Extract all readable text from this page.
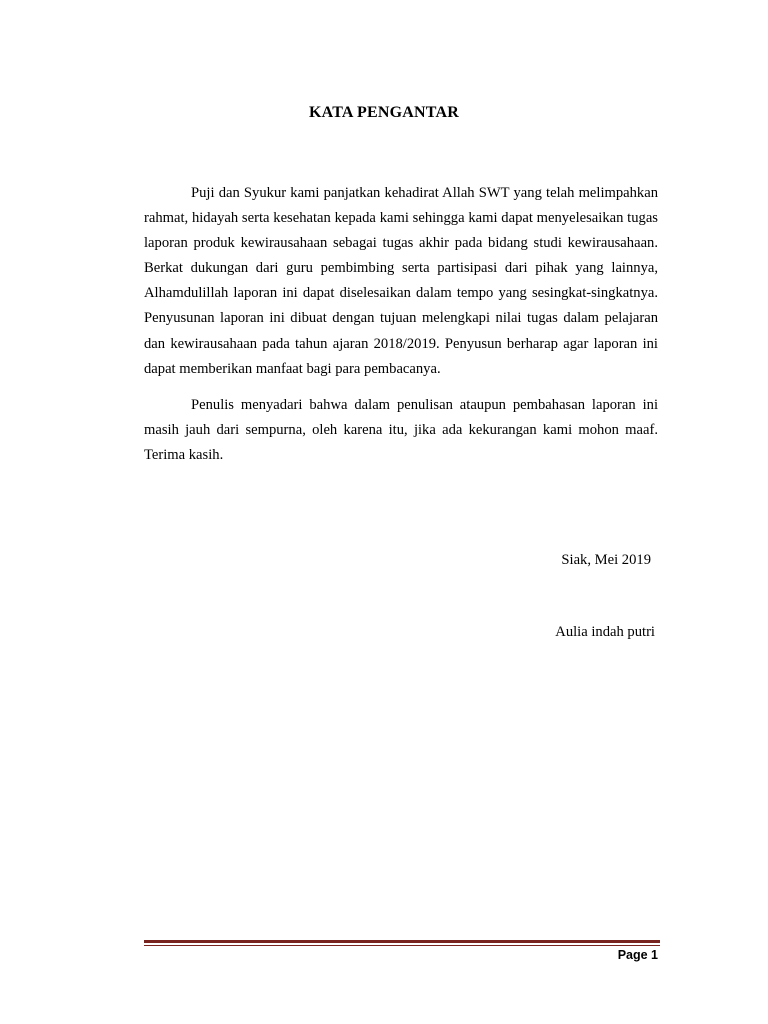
KATA PENGANTAR

Puji dan Syukur kami panjatkan kehadirat Allah SWT yang telah melimpahkan rahmat, hidayah serta kesehatan kepada kami sehingga kami dapat menyelesaikan tugas laporan produk kewirausahaan sebagai tugas akhir pada bidang studi kewirausahaan. Berkat dukungan dari guru pembimbing serta partisipasi dari pihak yang lainnya, Alhamdulillah laporan ini dapat diselesaikan dalam tempo yang sesingkat-singkatnya. Penyusunan laporan ini dibuat dengan tujuan melengkapi nilai tugas dalam pelajaran dan kewirausahaan pada tahun ajaran 2018/2019. Penyusun berharap agar laporan ini dapat memberikan manfaat bagi para pembacanya.

Penulis menyadari bahwa dalam penulisan ataupun pembahasan laporan ini masih jauh dari sempurna, oleh karena itu, jika ada kekurangan kami mohon maaf. Terima kasih.

Siak, Mei 2019
Aulia indah putri
Page 1
